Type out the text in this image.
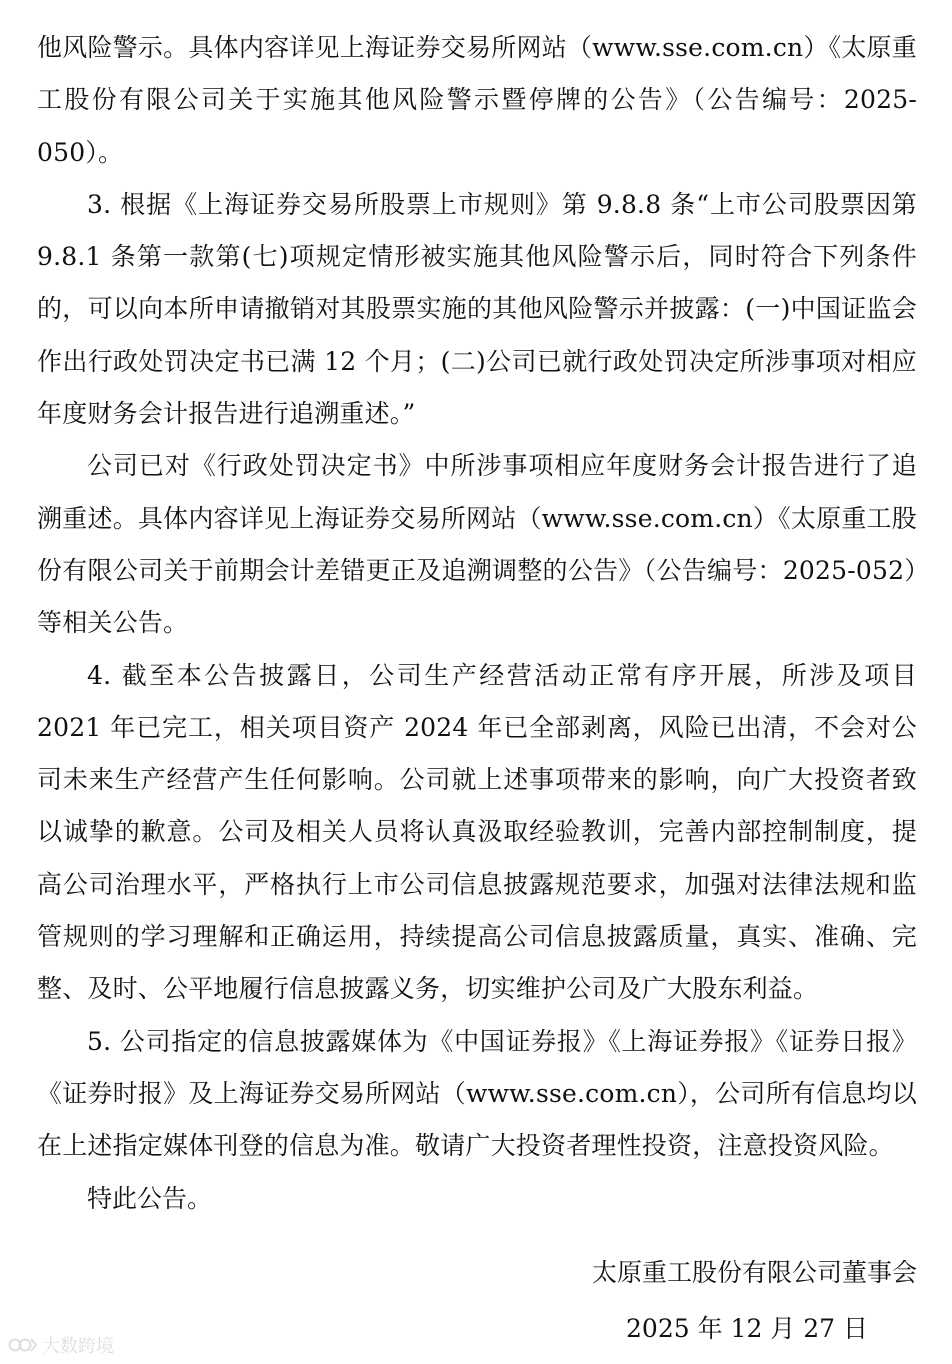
他风险警示。具体内容详见上海证券交易所网站（www.sse.com.cn）《太原重工股份有限公司关于实施其他风险警示暨停牌的公告》（公告编号：2025-050）。

3. 根据《上海证券交易所股票上市规则》第 9.8.8 条“上市公司股票因第 9.8.1 条第一款第(七)项规定情形被实施其他风险警示后，同时符合下列条件的，可以向本所申请撤销对其股票实施的其他风险警示并披露：(一)中国证监会作出行政处罚决定书已满 12 个月；(二)公司已就行政处罚决定所涉事项对相应年度财务会计报告进行追溯重述。”

公司已对《行政处罚决定书》中所涉事项相应年度财务会计报告进行了追溯重述。具体内容详见上海证券交易所网站（www.sse.com.cn）《太原重工股份有限公司关于前期会计差错更正及追溯调整的公告》（公告编号：2025-052）等相关公告。

4. 截至本公告披露日，公司生产经营活动正常有序开展，所涉及项目 2021 年已完工，相关项目资产 2024 年已全部剥离，风险已出清，不会对公司未来生产经营产生任何影响。公司就上述事项带来的影响，向广大投资者致以诚挚的歉意。公司及相关人员将认真汲取经验教训，完善内部控制制度，提高公司治理水平，严格执行上市公司信息披露规范要求，加强对法律法规和监管规则的学习理解和正确运用，持续提高公司信息披露质量，真实、准确、完整、及时、公平地履行信息披露义务，切实维护公司及广大股东利益。

5. 公司指定的信息披露媒体为《中国证券报》《上海证券报》《证券日报》《证券时报》及上海证券交易所网站（www.sse.com.cn），公司所有信息均以在上述指定媒体刊登的信息为准。敬请广大投资者理性投资，注意投资风险。

特此公告。

太原重工股份有限公司董事会
2025 年 12 月 27 日
大数跨境
